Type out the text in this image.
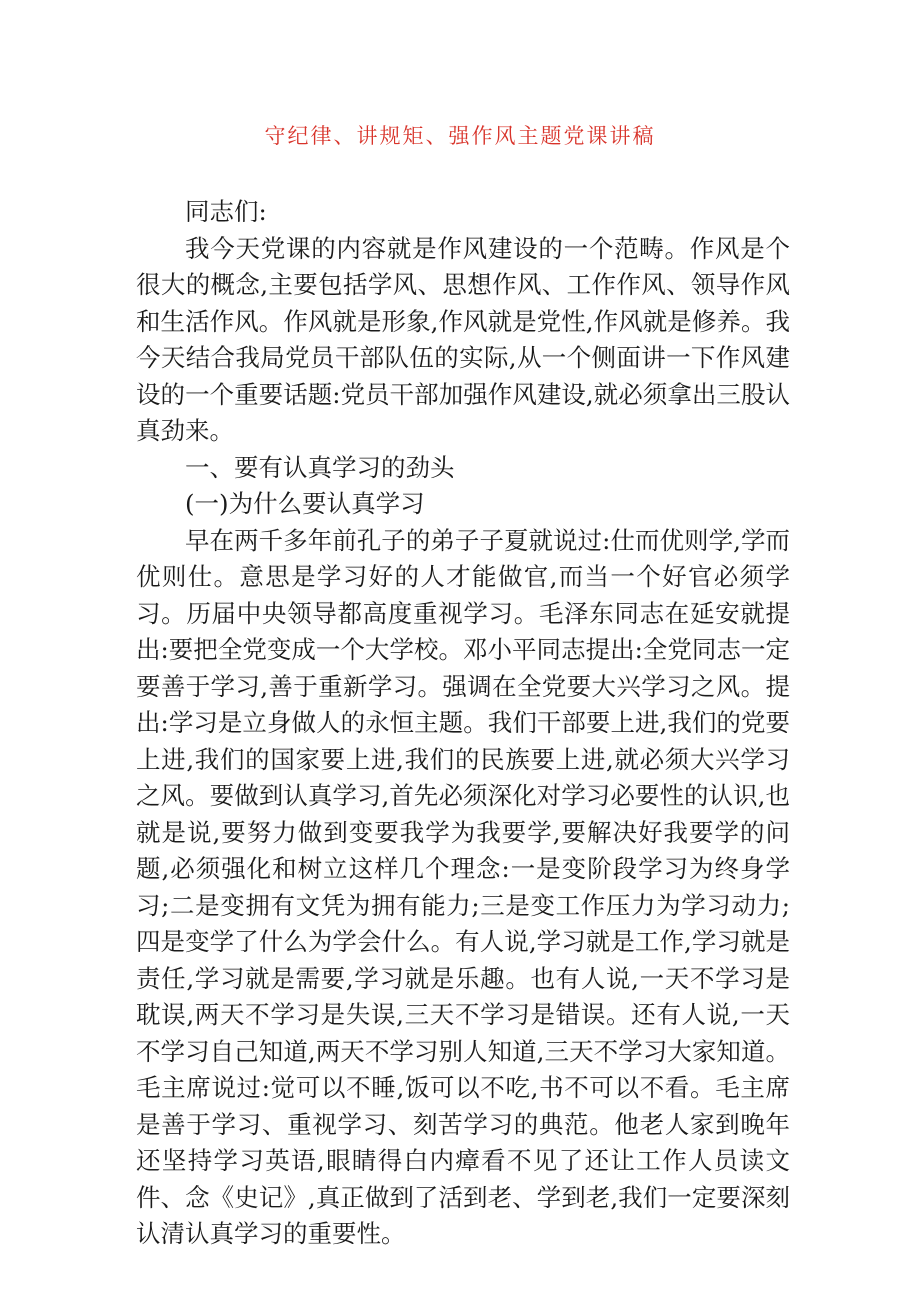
守纪律、讲规矩、强作风主题党课讲稿

同志们:

我今天党课的内容就是作风建设的一个范畴。作风是个很大的概念,主要包括学风、思想作风、工作作风、领导作风和生活作风。作风就是形象,作风就是党性,作风就是修养。我今天结合我局党员干部队伍的实际,从一个侧面讲一下作风建设的一个重要话题:党员干部加强作风建设,就必须拿出三股认真劲来。

一、要有认真学习的劲头

(一)为什么要认真学习

早在两千多年前孔子的弟子子夏就说过:仕而优则学,学而优则仕。意思是学习好的人才能做官,而当一个好官必须学习。历届中央领导都高度重视学习。毛泽东同志在延安就提出:要把全党变成一个大学校。邓小平同志提出:全党同志一定要善于学习,善于重新学习。强调在全党要大兴学习之风。提出:学习是立身做人的永恒主题。我们干部要上进,我们的党要上进,我们的国家要上进,我们的民族要上进,就必须大兴学习之风。要做到认真学习,首先必须深化对学习必要性的认识,也就是说,要努力做到变要我学为我要学,要解决好我要学的问题,必须强化和树立这样几个理念:一是变阶段学习为终身学习;二是变拥有文凭为拥有能力;三是变工作压力为学习动力;四是变学了什么为学会什么。有人说,学习就是工作,学习就是责任,学习就是需要,学习就是乐趣。也有人说,一天不学习是耽误,两天不学习是失误,三天不学习是错误。还有人说,一天不学习自己知道,两天不学习别人知道,三天不学习大家知道。毛主席说过:觉可以不睡,饭可以不吃,书不可以不看。毛主席是善于学习、重视学习、刻苦学习的典范。他老人家到晚年还坚持学习英语,眼睛得白内瘴看不见了还让工作人员读文件、念《史记》,真正做到了活到老、学到老,我们一定要深刻认清认真学习的重要性。
